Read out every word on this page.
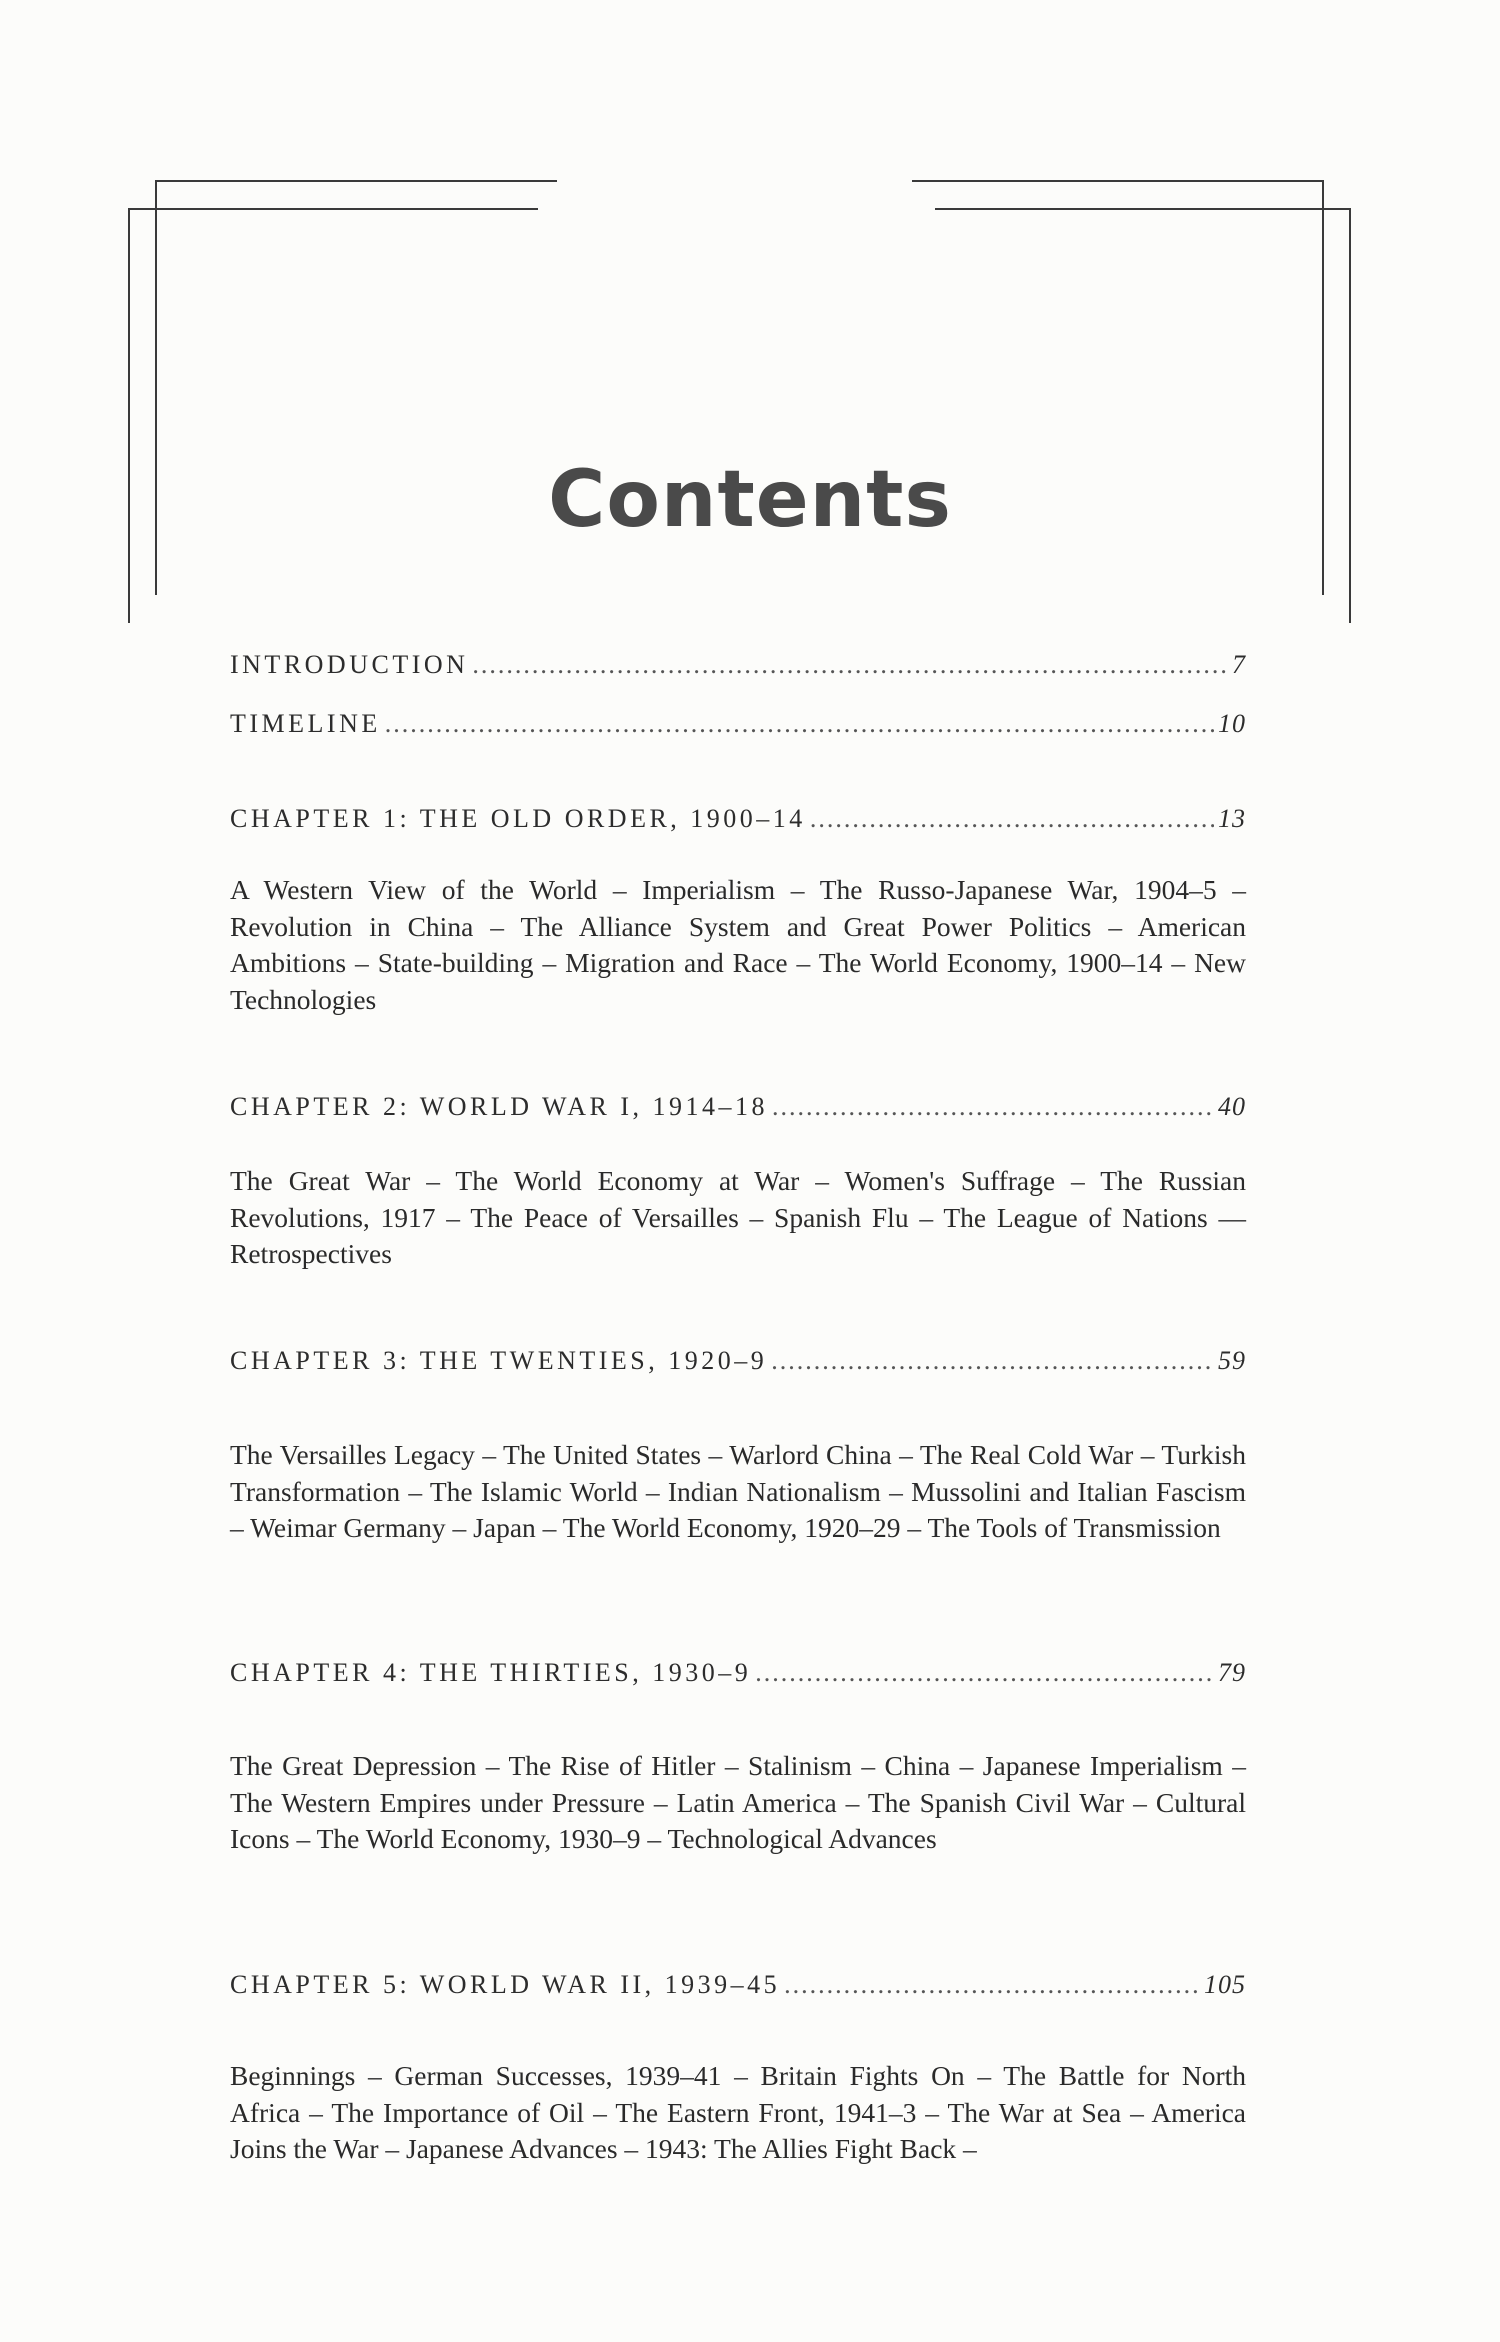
Contents
INTRODUCTION .....	7
TIMELINE .....	10
CHAPTER 1: THE OLD ORDER, 1900–14 .....	13
A Western View of the World – Imperialism – The Russo-Japanese War, 1904–5 – Revolution in China – The Alliance System and Great Power Politics – American Ambitions – State-building – Migration and Race – The World Economy, 1900–14 – New Technologies
CHAPTER 2: WORLD WAR I, 1914–18 .....	40
The Great War – The World Economy at War – Women's Suffrage – The Russian Revolutions, 1917 – The Peace of Versailles – Spanish Flu – The League of Nations — Retrospectives
CHAPTER 3: THE TWENTIES, 1920–9 .....	59
The Versailles Legacy – The United States – Warlord China – The Real Cold War – Turkish Transformation – The Islamic World – Indian Nationalism – Mussolini and Italian Fascism – Weimar Germany – Japan – The World Economy, 1920–29 – The Tools of Transmission
CHAPTER 4: THE THIRTIES, 1930–9 .....	79
The Great Depression – The Rise of Hitler – Stalinism – China – Japanese Imperialism – The Western Empires under Pressure – Latin America – The Spanish Civil War – Cultural Icons – The World Economy, 1930–9 – Technological Advances
CHAPTER 5: WORLD WAR II, 1939–45 .....	105
Beginnings – German Successes, 1939–41 – Britain Fights On – The Battle for North Africa – The Importance of Oil – The Eastern Front, 1941–3 – The War at Sea – America Joins the War – Japanese Advances – 1943: The Allies Fight Back –
